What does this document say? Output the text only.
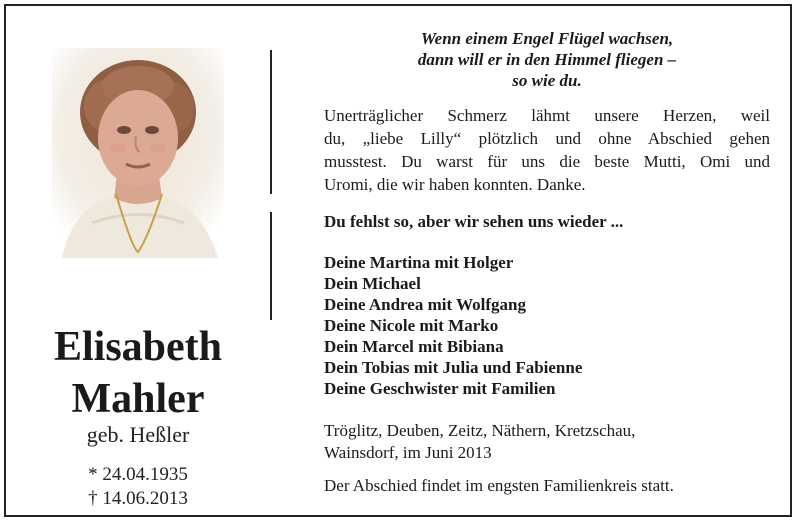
Elisabeth
Mahler
geb. Heßler
* 24.04.1935
† 14.06.2013
Wenn einem Engel Flügel wachsen,
dann will er in den Himmel fliegen –
so wie du.
Unerträglicher Schmerz lähmt unsere Herzen, weil
du, „liebe Lilly“ plötzlich und ohne Abschied gehen
musstest. Du warst für uns die beste Mutti, Omi und
Uromi, die wir haben konnten. Danke.
Du fehlst so, aber wir sehen uns wieder ...
Deine Martina mit Holger
Dein Michael
Deine Andrea mit Wolfgang
Deine Nicole mit Marko
Dein Marcel mit Bibiana
Dein Tobias mit Julia und Fabienne
Deine Geschwister mit Familien
Tröglitz, Deuben, Zeitz, Näthern, Kretzschau,
Wainsdorf, im Juni 2013
Der Abschied findet im engsten Familienkreis statt.
